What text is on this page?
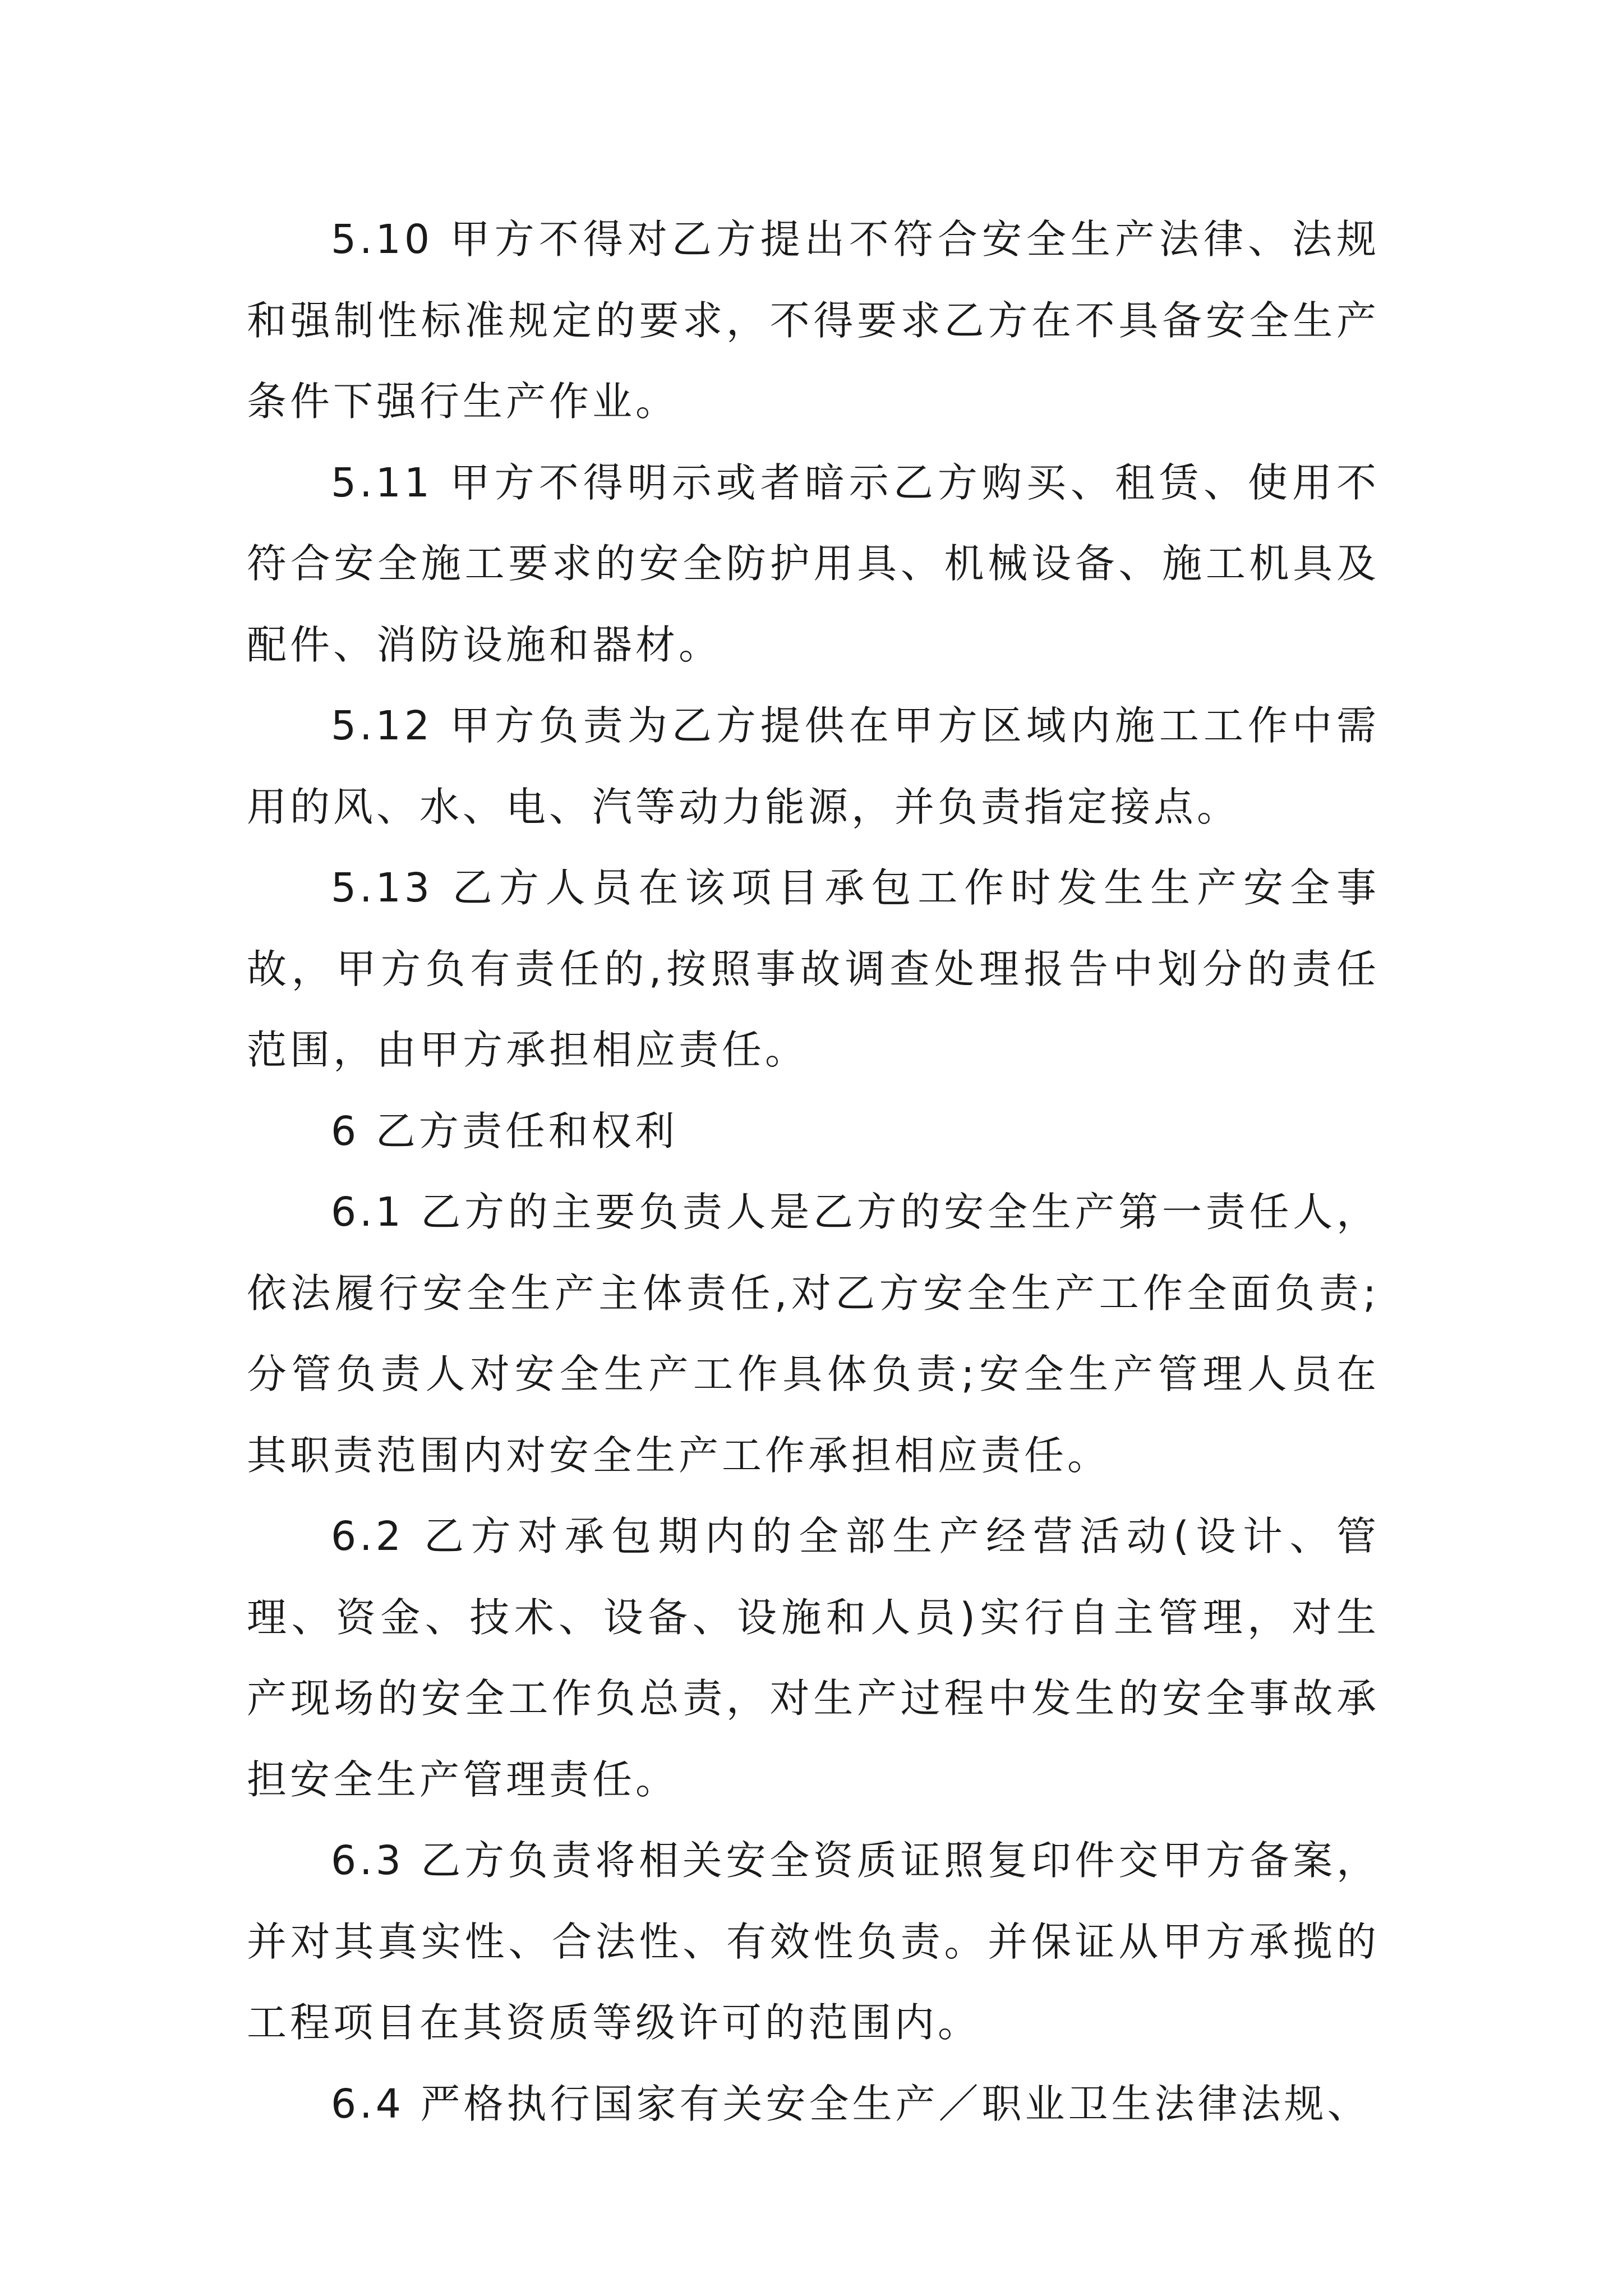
5.10 甲方不得对乙方提出不符合安全生产法律、法规和强制性标准规定的要求，不得要求乙方在不具备安全生产条件下强行生产作业。

5.11 甲方不得明示或者暗示乙方购买、租赁、使用不符合安全施工要求的安全防护用具、机械设备、施工机具及配件、消防设施和器材。

5.12 甲方负责为乙方提供在甲方区域内施工工作中需用的风、水、电、汽等动力能源，并负责指定接点。

5.13 乙方人员在该项目承包工作时发生生产安全事故，甲方负有责任的,按照事故调查处理报告中划分的责任范围，由甲方承担相应责任。

6 乙方责任和权利

6.1 乙方的主要负责人是乙方的安全生产第一责任人，依法履行安全生产主体责任,对乙方安全生产工作全面负责;分管负责人对安全生产工作具体负责;安全生产管理人员在其职责范围内对安全生产工作承担相应责任。

6.2 乙方对承包期内的全部生产经营活动(设计、管理、资金、技术、设备、设施和人员)实行自主管理，对生产现场的安全工作负总责，对生产过程中发生的安全事故承担安全生产管理责任。

6.3 乙方负责将相关安全资质证照复印件交甲方备案，并对其真实性、合法性、有效性负责。并保证从甲方承揽的工程项目在其资质等级许可的范围内。

6.4 严格执行国家有关安全生产／职业卫生法律法规、
